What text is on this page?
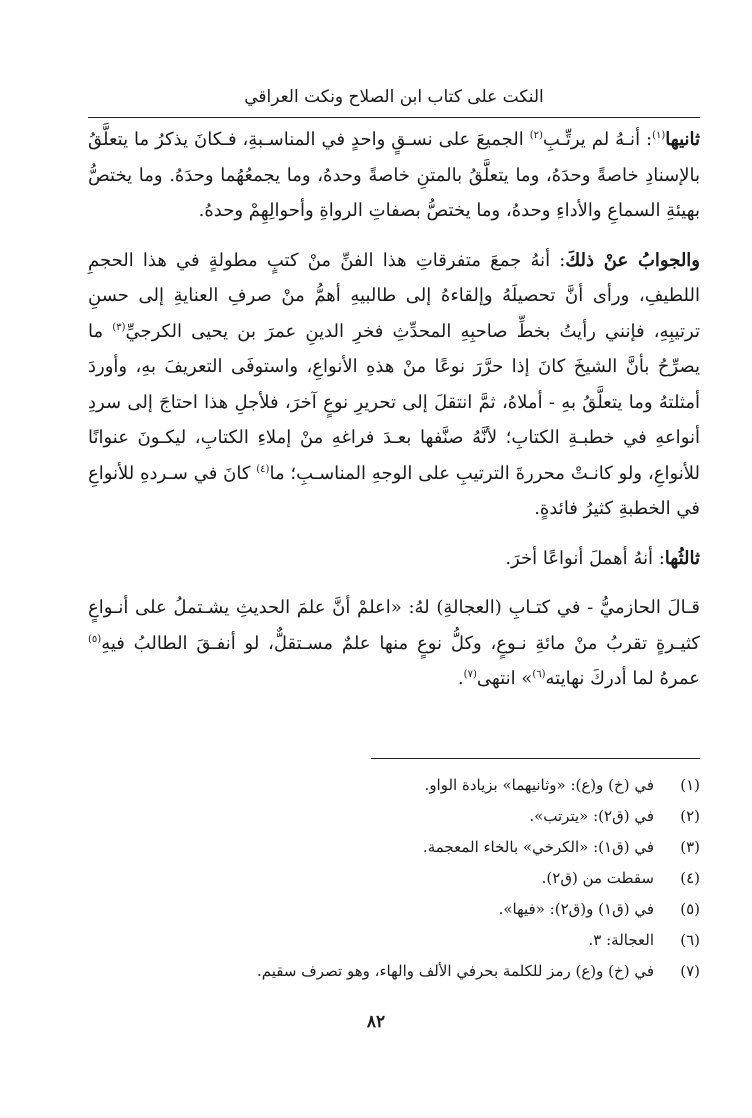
النكت على كتاب ابن الصلاح ونكت العراقي

ثانيها$^{(١)}$: أنـهُ لم يرتِّـبِ$^{(٢)}$ الجميعَ على نسـقٍ واحدٍ في المناسـبةِ، فـكانَ يذكرُ ما يتعلَّقُ بالإسنادِ خاصةً وحدَهُ، وما يتعلَّقُ بالمتنِ خاصةً وحدهُ، وما يجمعُهُما وحدَهُ. وما يختصُّ بهيئةِ السماعِ والأداءِ وحدهُ، وما يختصُّ بصفاتِ الرواةِ وأحوالِهِمْ وحدهُ.

والجوابُ عنْ ذلكَ: أنهُ جمعَ متفرقاتِ هذا الفنِّ منْ كتبٍ مطولةٍ في هذا الحجمِ اللطيفِ، ورأى أنَّ تحصيلَهُ وإلقاءهُ إلى طالبيهِ أهمُّ منْ صرفِ العنايةِ إلى حسنِ ترتيبِهِ، فإنني رأيتُ بخطِّ صاحبِهِ المحدِّثِ فخرِ الدينِ عمرَ بن يحيى الكرجيِّ$^{(٣)}$ ما يصرِّحُ بأنَّ الشيخَ كانَ إذا حرَّرَ نوعًا منْ هذهِ الأنواعِ، واستوفَى التعريفَ بهِ، وأوردَ أمثلتهُ وما يتعلَّقُ بهِ - أملاهُ، ثمَّ انتقلَ إلى تحريرِ نوعٍ آخرَ، فلأجلِ هذا احتاجَ إلى سردِ أنواعهِ في خطبـةِ الكتابِ؛ لأنَّهُ صنَّفها بعـدَ فراغهِ منْ إملاءِ الكتابِ، ليكـونَ عنوانًا للأنواعِ، ولو كانـتْ محررةَ الترتيبِ على الوجهِ المناسـبِ؛ ما$^{(٤)}$ كانَ في سـردهِ للأنواعِ في الخطبةِ كثيرُ فائدةٍ.

ثالثُها: أنهُ أهملَ أنواعًا أخرَ.

قـالَ الحازميُّ - في كتـابِ (العجالةِ) لهُ: «اعلمْ أنَّ علمَ الحديثِ يشـتملُ على أنـواعٍ كثيـرةٍ تقربُ منْ مائةِ نـوعٍ، وكلُّ نوعٍ منها علمٌ مسـتقلٌّ، لو أنفـقَ الطالبُ فيهِ$^{(٥)}$ عمرهُ لما أدركَ نهايته$^{(٦)}$» انتهى$^{(٧)}$.

(١)
في (خ) و(ع): «وثانيهما» بزيادة الواو.
(٢)
في (ق٢): «يترتب».
(٣)
في (ق١): «الكرخي» بالخاء المعجمة.
(٤)
سقطت من (ق٢).
(٥)
في (ق١) و(ق٢): «فيها».
(٦)
العجالة: ٣.
(٧)
في (خ) و(ع) رمز للكلمة بحرفي الألف والهاء، وهو تصرف سقيم.
٨٢
